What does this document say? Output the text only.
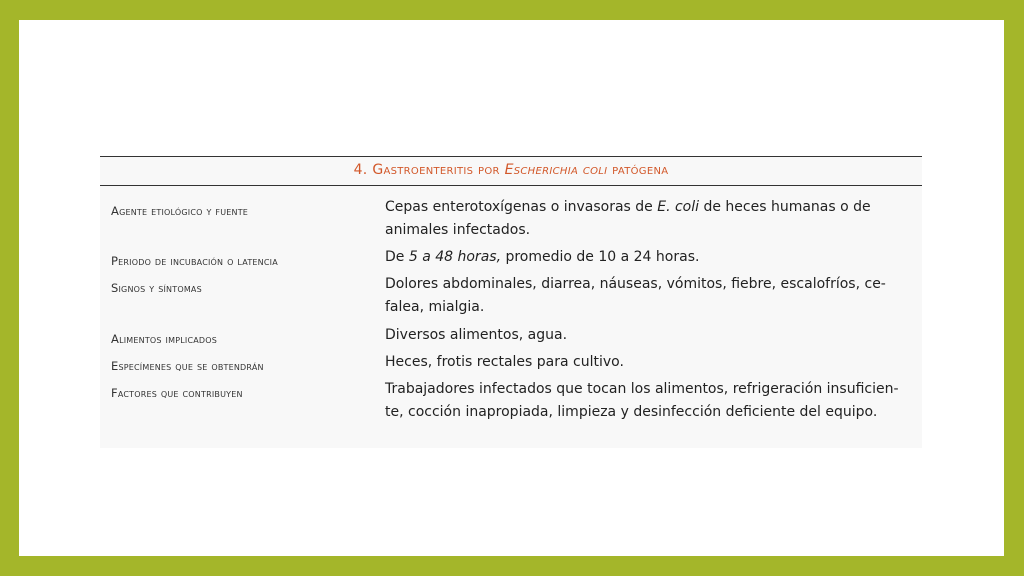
4. Gastroenteritis por Escherichia coli patógena
Agente etiológico y fuente	Cepas enterotoxígenas o invasoras de E. coli de heces humanas o de
animales infectados.
Periodo de incubación o latencia	De 5 a 48 horas, promedio de 10 a 24 horas.
Signos y síntomas	Dolores abdominales, diarrea, náuseas, vómitos, fiebre, escalofríos, ce-
falea, mialgia.
Alimentos implicados	Diversos alimentos, agua.
Especímenes que se obtendrán	Heces, frotis rectales para cultivo.
Factores que contribuyen	Trabajadores infectados que tocan los alimentos, refrigeración insuficien-
te, cocción inapropiada, limpieza y desinfección deficiente del equipo.
